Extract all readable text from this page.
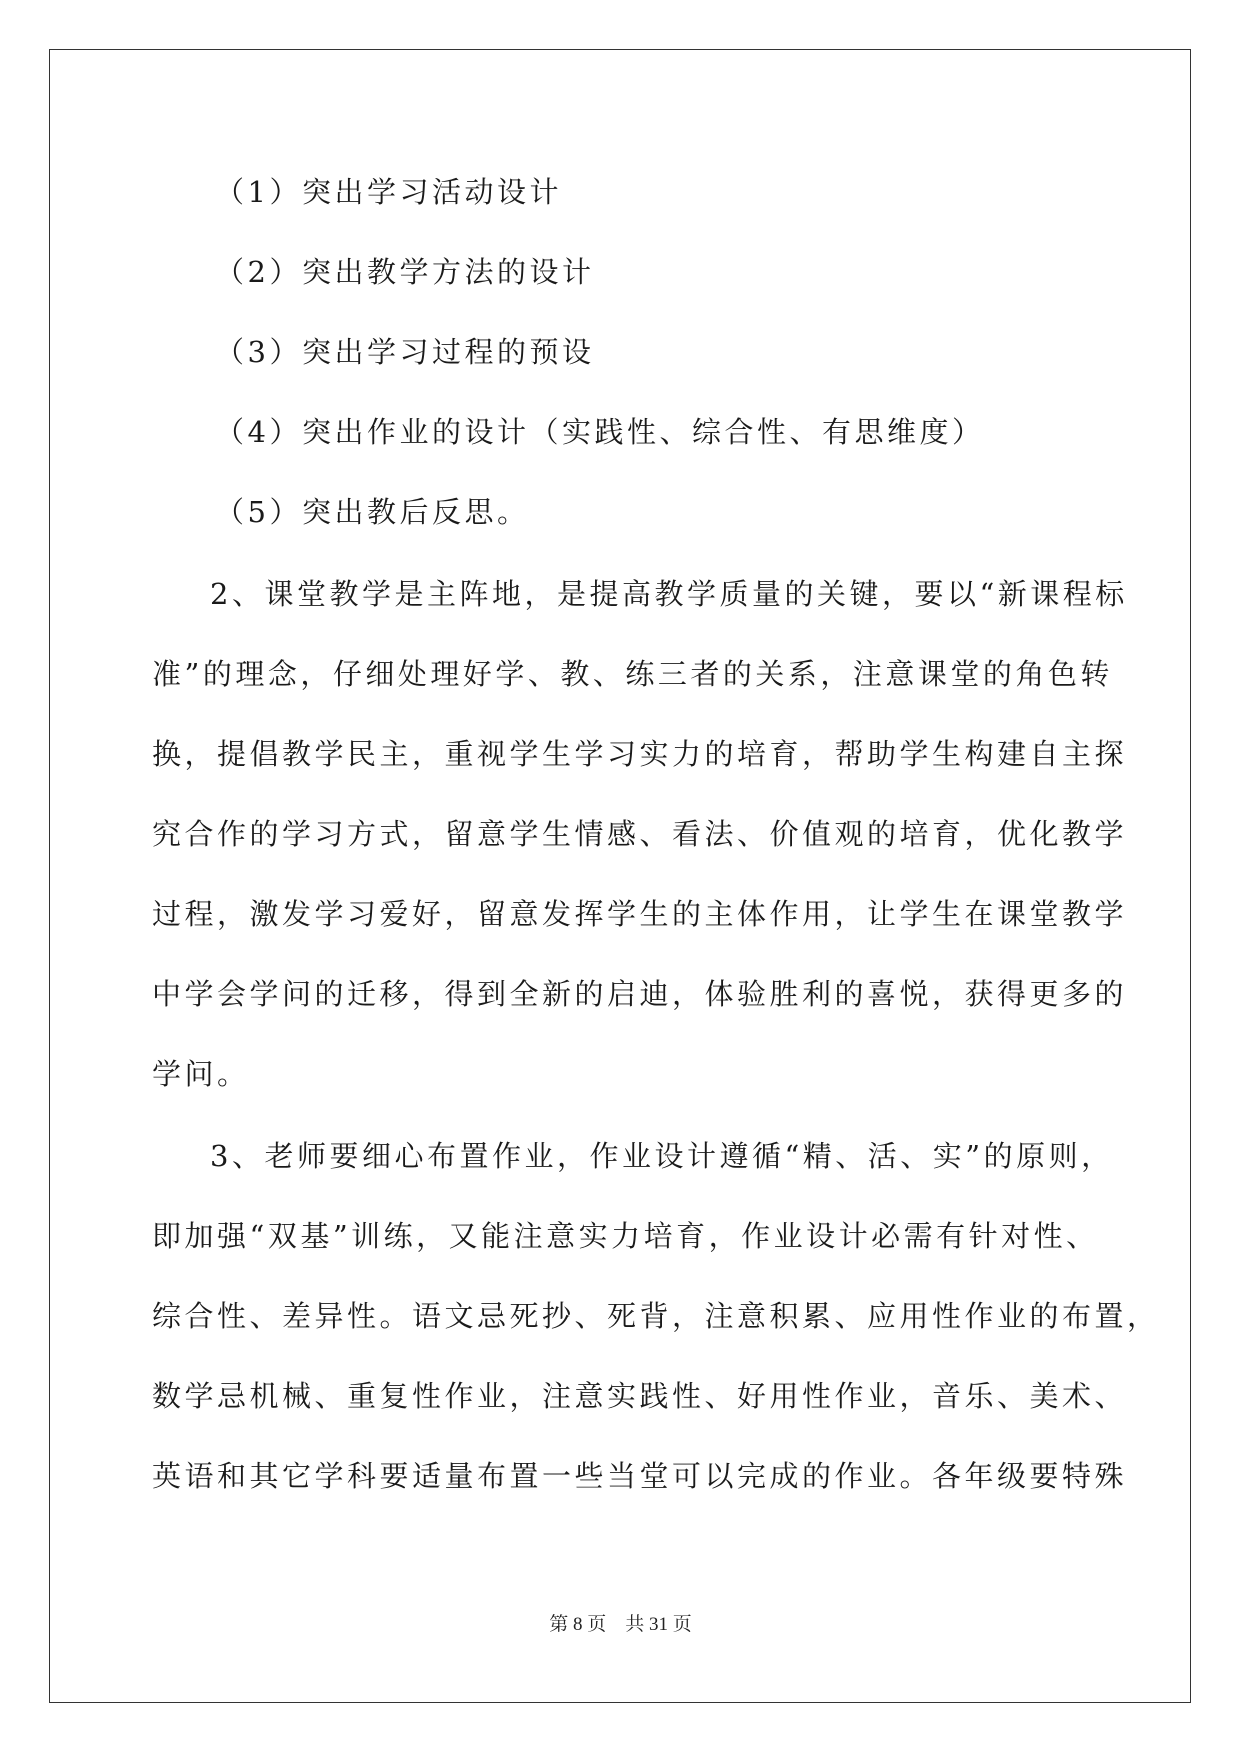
（1）突出学习活动设计
（2）突出教学方法的设计
（3）突出学习过程的预设
（4）突出作业的设计（实践性、综合性、有思维度）
（5）突出教后反思。
2、课堂教学是主阵地，是提高教学质量的关键，要以“新课程标
准”的理念，仔细处理好学、教、练三者的关系，注意课堂的角色转
换，提倡教学民主，重视学生学习实力的培育，帮助学生构建自主探
究合作的学习方式，留意学生情感、看法、价值观的培育，优化教学
过程，激发学习爱好，留意发挥学生的主体作用，让学生在课堂教学
中学会学问的迁移，得到全新的启迪，体验胜利的喜悦，获得更多的
学问。
3、老师要细心布置作业，作业设计遵循“精、活、实”的原则，
即加强“双基”训练，又能注意实力培育，作业设计必需有针对性、
综合性、差异性。语文忌死抄、死背，注意积累、应用性作业的布置，
数学忌机械、重复性作业，注意实践性、好用性作业，音乐、美术、
英语和其它学科要适量布置一些当堂可以完成的作业。各年级要特殊
第 8 页    共 31 页
